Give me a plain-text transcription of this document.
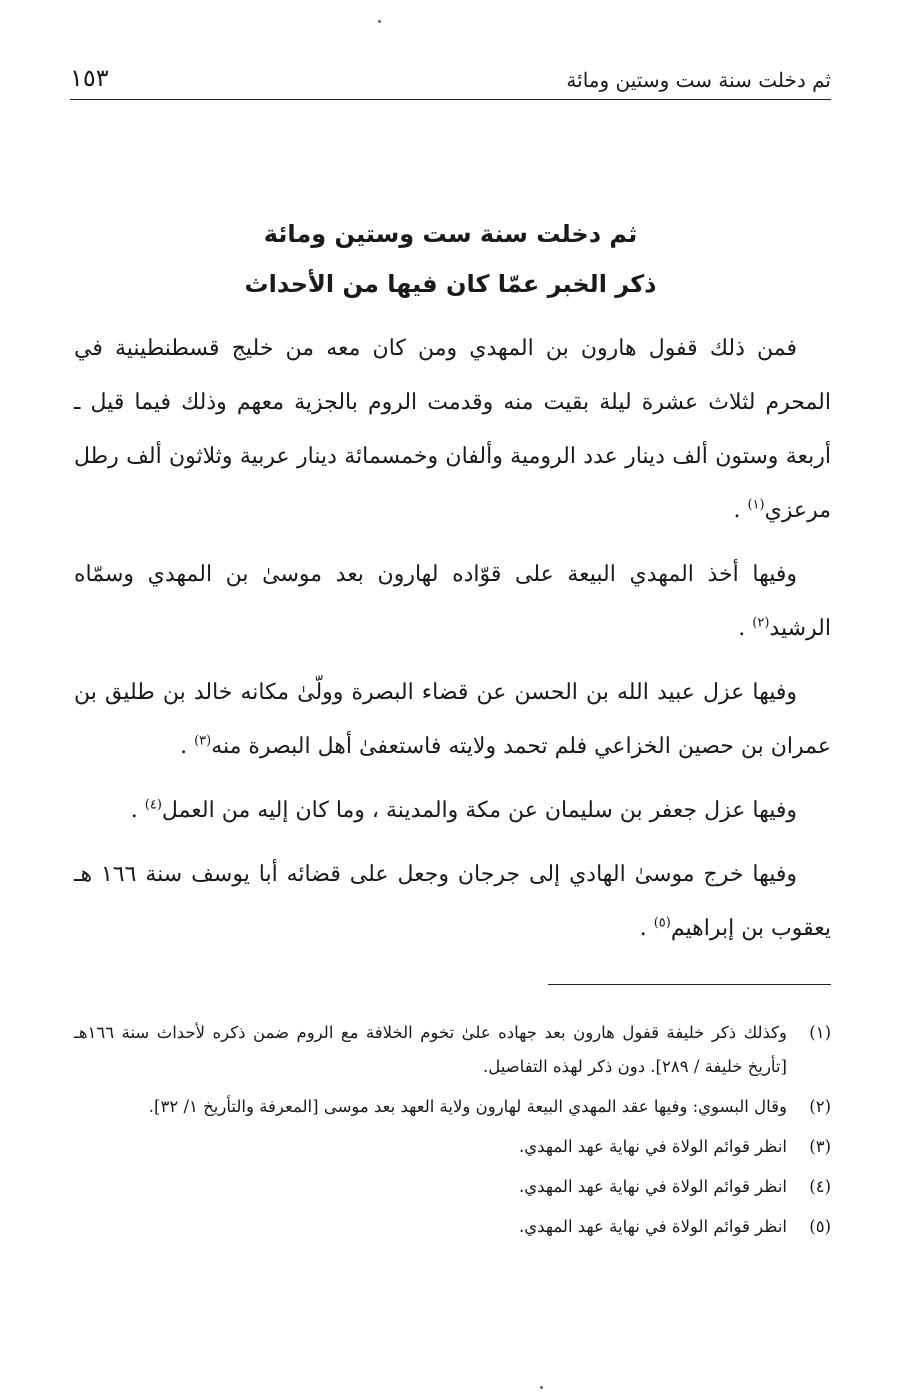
ثم دخلت سنة ست وستين ومائة
١٥٣
ثم دخلت سنة ست وستين ومائة
ذكر الخبر عمّا كان فيها من الأحداث

فمن ذلك قفول هارون بن المهدي ومن كان معه من خليج قسطنطينية في المحرم لثلاث عشرة ليلة بقيت منه وقدمت الروم بالجزية معهم وذلك فيما قيل ـ أربعة وستون ألف دينار عدد الرومية وألفان وخمسمائة دينار عربية وثلاثون ألف رطل مرعزي$^{(١)}$ .

وفيها أخذ المهدي البيعة على قوّاده لهارون بعد موسىٰ بن المهدي وسمّاه الرشيد$^{(٢)}$ .

وفيها عزل عبيد الله بن الحسن عن قضاء البصرة وولّىٰ مكانه خالد بن طليق بن عمران بن حصين الخزاعي فلم تحمد ولايته فاستعفىٰ أهل البصرة منه$^{(٣)}$ .

وفيها عزل جعفر بن سليمان عن مكة والمدينة ، وما كان إليه من العمل$^{(٤)}$ .

وفيها خرج موسىٰ الهادي إلى جرجان وجعل على قضائه أبا يوسف سنة ١٦٦ هـ يعقوب بن إبراهيم$^{(٥)}$ .

(١)
وكذلك ذكر خليفة قفول هارون بعد جهاده علىٰ تخوم الخلافة مع الروم ضمن ذكره لأحداث سنة ١٦٦هـ [تأريخ خليفة / ٢٨٩]. دون ذكر لهذه التفاصيل.
(٢)
وقال البسوي: وفيها عقد المهدي البيعة لهارون ولاية العهد بعد موسى [المعرفة والتأريخ ١/ ٣٢].
(٣)
انظر قوائم الولاة في نهاية عهد المهدي.
(٤)
انظر قوائم الولاة في نهاية عهد المهدي.
(٥)
انظر قوائم الولاة في نهاية عهد المهدي.
